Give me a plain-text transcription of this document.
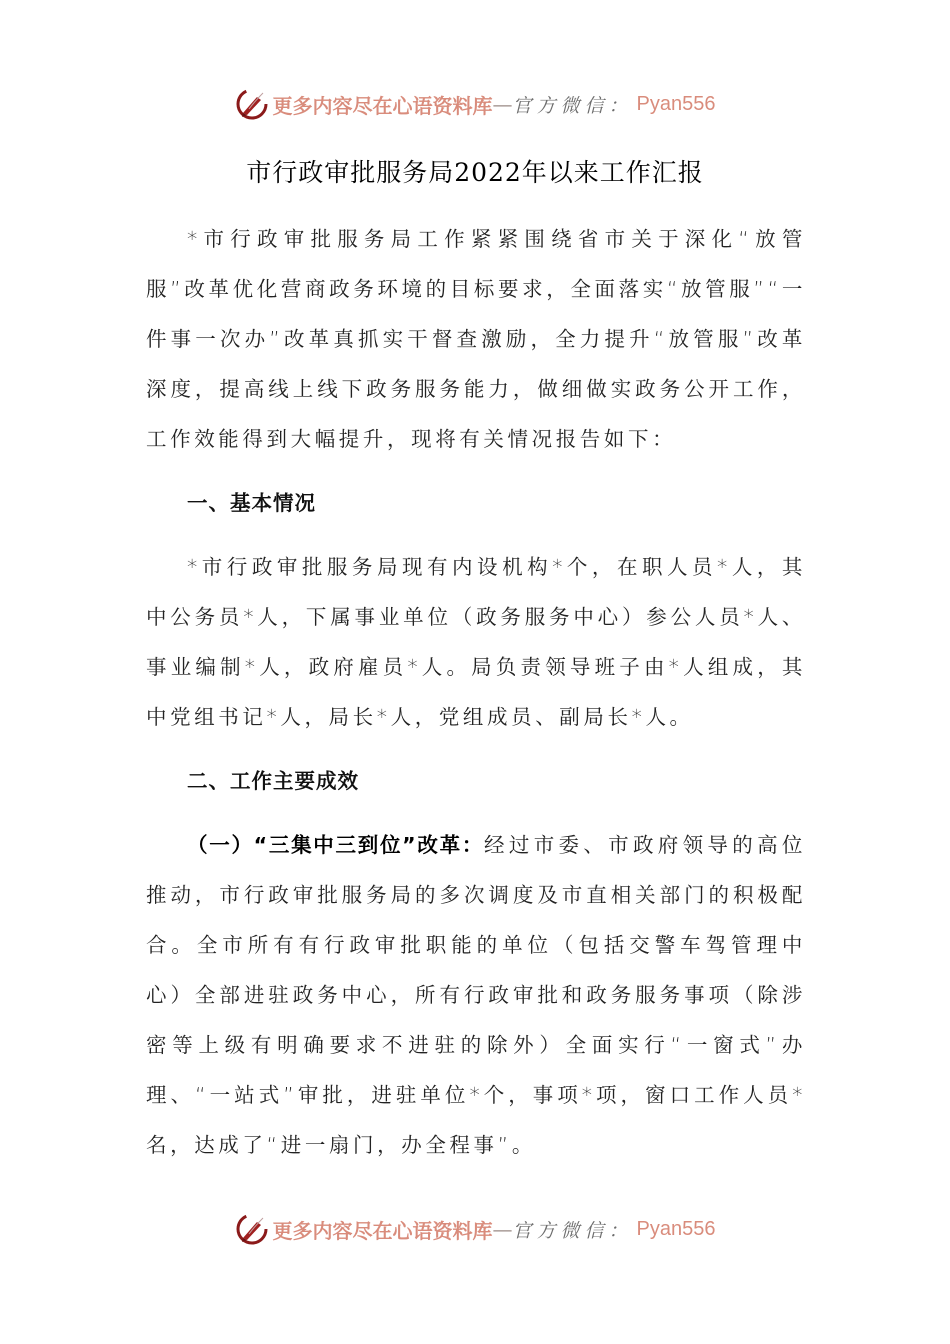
更多内容尽在心语资料库 — 官方微信： Pyan556
市行政审批服务局2022年以来工作汇报

*市行政审批服务局工作紧紧围绕省市关于深化“放管服”改革优化营商政务环境的目标要求，全面落实“放管服”“一件事一次办”改革真抓实干督查激励，全力提升“放管服”改革深度，提高线上线下政务服务能力，做细做实政务公开工作，工作效能得到大幅提升，现将有关情况报告如下：

一、基本情况

*市行政审批服务局现有内设机构*个，在职人员*人，其中公务员*人，下属事业单位（政务服务中心）参公人员*人、事业编制*人，政府雇员*人。局负责领导班子由*人组成，其中党组书记*人，局长*人，党组成员、副局长*人。

二、工作主要成效

（一）“三集中三到位”改革：经过市委、市政府领导的高位推动，市行政审批服务局的多次调度及市直相关部门的积极配合。全市所有有行政审批职能的单位（包括交警车驾管理中心）全部进驻政务中心，所有行政审批和政务服务事项（除涉密等上级有明确要求不进驻的除外）全面实行“一窗式”办理、“一站式”审批，进驻单位*个，事项*项，窗口工作人员*名，达成了“进一扇门，办全程事”。

更多内容尽在心语资料库 — 官方微信： Pyan556
